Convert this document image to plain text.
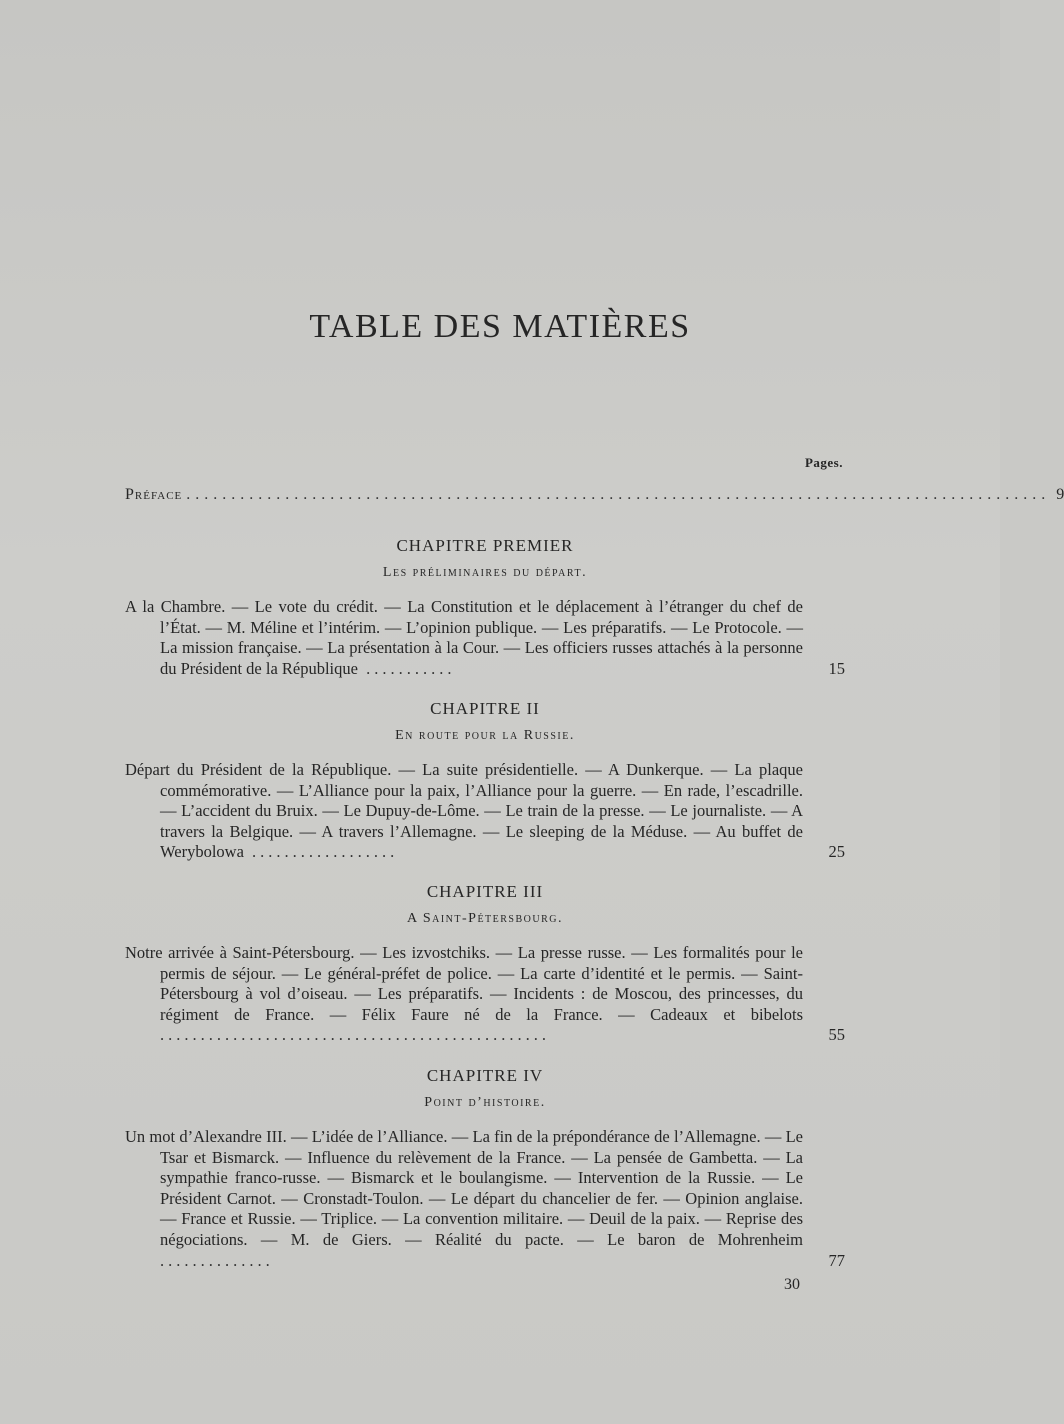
TABLE DES MATIÈRES
Pages.
Préface ................................................................................................ 9

CHAPITRE PREMIER

Les préliminaires du départ.
A la Chambre. — Le vote du crédit. — La Constitution et le déplacement à l’étranger du chef de l’État. — M. Méline et l’intérim. — L’opinion publique. — Les préparatifs. — Le Protocole. — La mission française. — La présentation à la Cour. — Les officiers russes attachés à la personne du Président de la République ...........	15

CHAPITRE II

En route pour la Russie.
Départ du Président de la République. — La suite présidentielle. — A Dunkerque. — La plaque commémorative. — L’Alliance pour la paix, l’Alliance pour la guerre. — En rade, l’escadrille. — L’accident du Bruix. — Le Dupuy-de-Lôme. — Le train de la presse. — Le journaliste. — A travers la Belgique. — A travers l’Allemagne. — Le sleeping de la Méduse. — Au buffet de Werybolowa ..................	25

CHAPITRE III

A Saint-Pétersbourg.
Notre arrivée à Saint-Pétersbourg. — Les izvostchiks. — La presse russe. — Les formalités pour le permis de séjour. — Le général-préfet de police. — La carte d’identité et le permis. — Saint-Pétersbourg à vol d’oiseau. — Les préparatifs. — Incidents : de Moscou, des princesses, du régiment de France. — Félix Faure né de la France. — Cadeaux et bibelots ................................................	55

CHAPITRE IV

Point d’histoire.
Un mot d’Alexandre III. — L’idée de l’Alliance. — La fin de la prépondérance de l’Allemagne. — Le Tsar et Bismarck. — Influence du relèvement de la France. — La pensée de Gambetta. — La sympathie franco-russe. — Bismarck et le boulangisme. — Intervention de la Russie. — Le Président Carnot. — Cronstadt-Toulon. — Le départ du chancelier de fer. — Opinion anglaise. — France et Russie. — Triplice. — La convention militaire. — Deuil de la paix. — Reprise des négociations. — M. de Giers. — Réalité du pacte. — Le baron de Mohrenheim ..............	77
30
